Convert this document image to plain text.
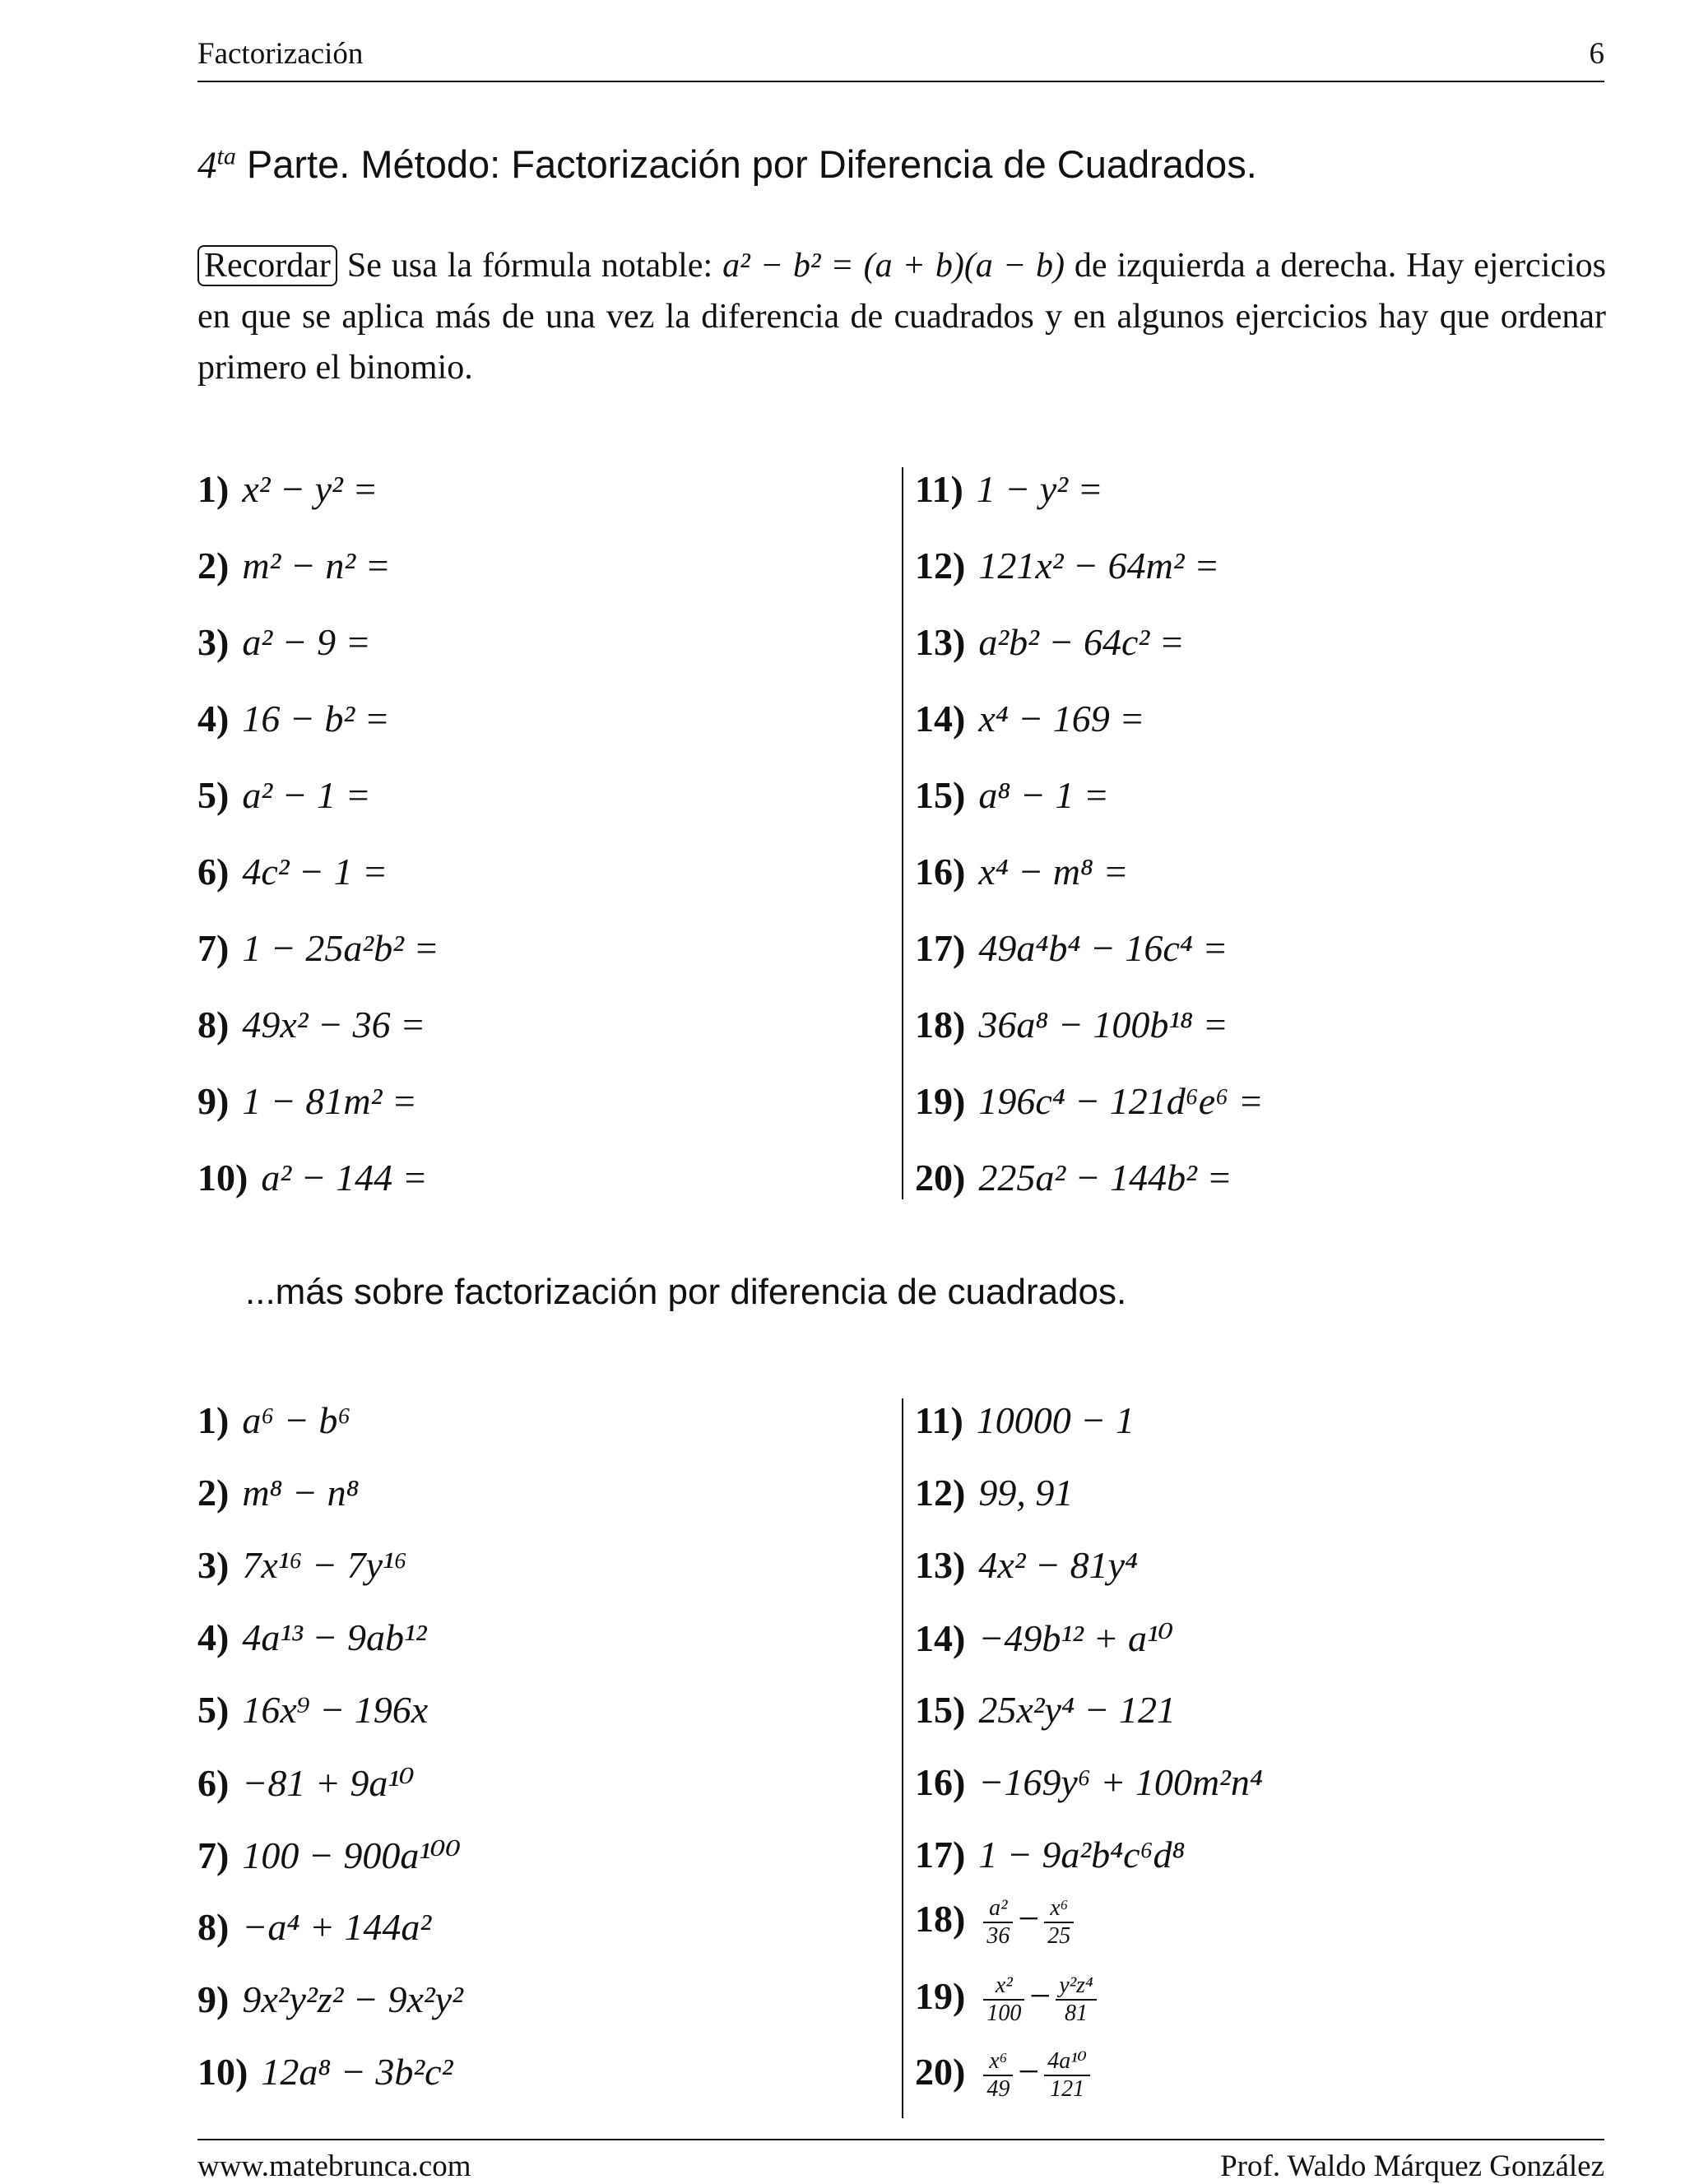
Factorización	6
$4^{ta}$ Parte. Método: Factorización por Diferencia de Cuadrados.
Recordar Se usa la fórmula notable: a² − b² = (a + b)(a − b) de izquierda a derecha. Hay ejercicios en que se aplica más de una vez la diferencia de cuadrados y en algunos ejercicios hay que ordenar primero el binomio.
1) x² − y² =
2) m² − n² =
3) a² − 9 =
4) 16 − b² =
5) a² − 1 =
6) 4c² − 1 =
7) 1 − 25a²b² =
8) 49x² − 36 =
9) 1 − 81m² =
10) a² − 144 =
11) 1 − y² =
12) 121x² − 64m² =
13) a²b² − 64c² =
14) x⁴ − 169 =
15) a⁸ − 1 =
16) x⁴ − m⁸ =
17) 49a⁴b⁴ − 16c⁴ =
18) 36a⁸ − 100b¹⁸ =
19) 196c⁴ − 121d⁶e⁶ =
20) 225a² − 144b² =
...más sobre factorización por diferencia de cuadrados.
1) a⁶ − b⁶
2) m⁸ − n⁸
3) 7x¹⁶ − 7y¹⁶
4) 4a¹³ − 9ab¹²
5) 16x⁹ − 196x
6) −81 + 9a¹⁰
7) 100 − 900a¹⁰⁰
8) −a⁴ + 144a²
9) 9x²y²z² − 9x²y²
10) 12a⁸ − 3b²c²
11) 10000 − 1
12) 99, 91
13) 4x² − 81y⁴
14) −49b¹² + a¹⁰
15) 25x²y⁴ − 121
16) −169y⁶ + 100m²n⁴
17) 1 − 9a²b⁴c⁶d⁸
$18) \frac{\text{a²}}{36} - \frac{\text{x⁶}}{25}$
$19) \frac{\text{x²}}{100} - \frac{\text{y²z⁴}}{81}$
$20) \frac{\text{x⁶}}{49} - \frac{\text{4a¹⁰}}{121}$
www.matebrunca.com	Prof. Waldo Márquez González
